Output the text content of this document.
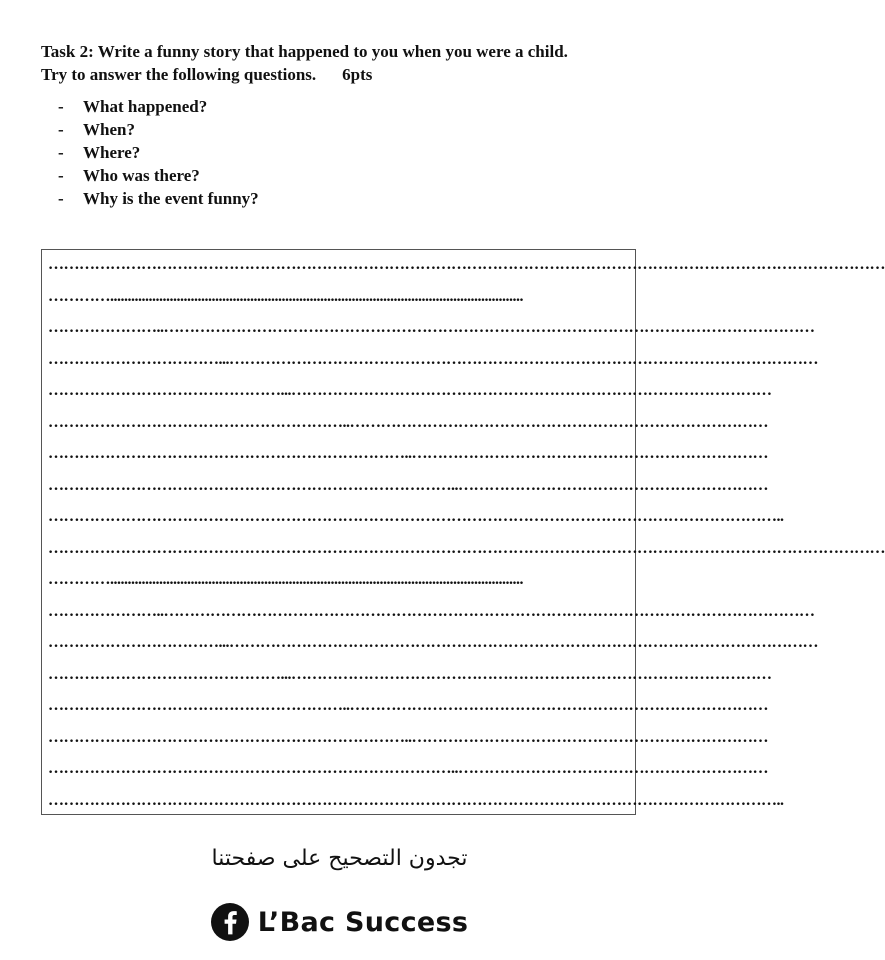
Task 2: Write a funny story that happened to you when you were a child.
Try to answer the following questions. 6pts
- What happened?
- When?
- Where?
- Who was there?
- Why is the event funny?
………………………………………………………………………………………………………………………………………………
…………......................................................................................................................
…………………..………………………………………………………………………………………………………………
……………………………...……………………………………………………………………………………………………
………………………………………...…………………………………………………………………………………
…………………………………………………..………………………………………………………………………
……………………………………………………………..……………………………………………………………
……………………………………………………………………..……………………………………………………
……………………………………………………………………………………………………………………………..
………………………………………………………………………………………………………………………………………………
…………......................................................................................................................
…………………..………………………………………………………………………………………………………………
……………………………...……………………………………………………………………………………………………
………………………………………...…………………………………………………………………………………
…………………………………………………..………………………………………………………………………
……………………………………………………………..……………………………………………………………
……………………………………………………………………..……………………………………………………
……………………………………………………………………………………………………………………………..
تجدون التصحيح على صفحتنا
L’Bac Success
